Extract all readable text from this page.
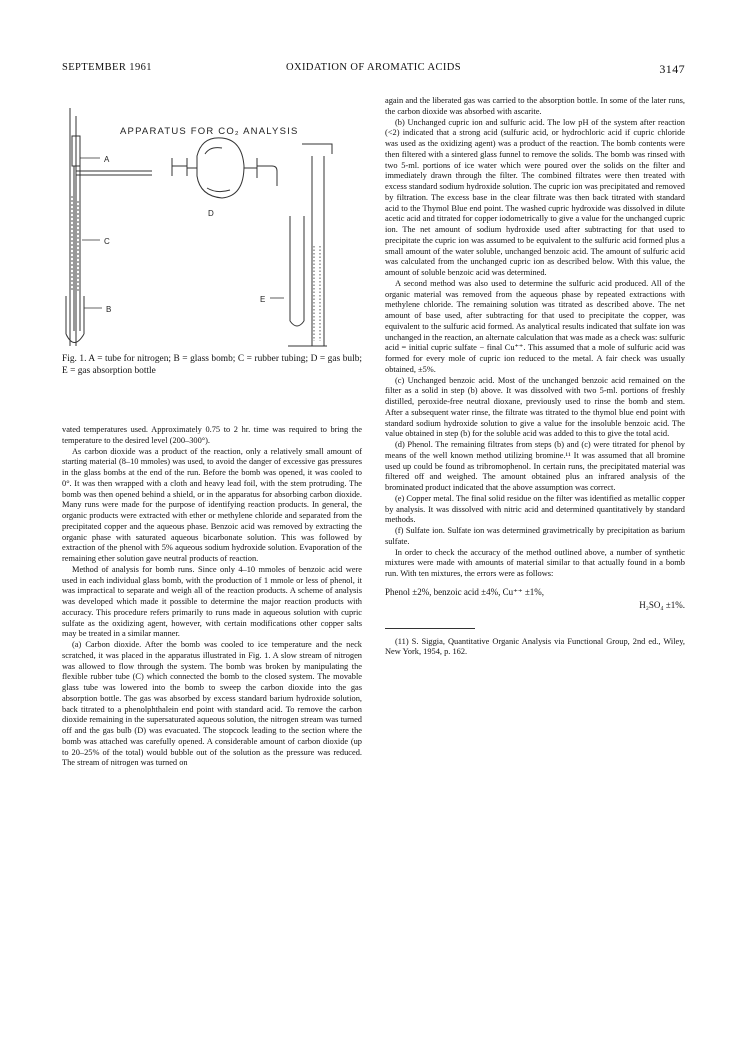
SEPTEMBER 1961	OXIDATION OF AROMATIC ACIDS	3147
APPARATUS FOR CO₂ ANALYSIS
A
C
B
D
E

Fig. 1. A = tube for nitrogen; B = glass bomb; C = rubber tubing; D = gas bulb; E = gas absorption bottle

vated temperatures used. Approximately 0.75 to 2 hr. time was required to bring the temperature to the desired level (200–300°).

As carbon dioxide was a product of the reaction, only a relatively small amount of starting material (8–10 mmoles) was used, to avoid the danger of excessive gas pressures in the glass bombs at the end of the run. Before the bomb was opened, it was cooled to 0°. It was then wrapped with a cloth and heavy lead foil, with the stem protruding. The bomb was then opened behind a shield, or in the apparatus for absorbing carbon dioxide. Many runs were made for the purpose of identifying reaction products. In general, the organic products were extracted with ether or methylene chloride and separated from the precipitated copper and the aqueous phase. Benzoic acid was removed by extracting the organic phase with saturated aqueous bicarbonate solution. This was followed by extraction of the phenol with 5% aqueous sodium hydroxide solution. Evaporation of the remaining ether solution gave neutral products of reaction.

Method of analysis for bomb runs. Since only 4–10 mmoles of benzoic acid were used in each individual glass bomb, with the production of 1 mmole or less of phenol, it was impractical to separate and weigh all of the reaction products. A scheme of analysis was developed which made it possible to determine the major reaction products with accuracy. This procedure refers primarily to runs made in aqueous solution with cupric sulfate as the oxidizing agent, however, with certain modifications other copper salts may be treated in a similar manner.

(a) Carbon dioxide. After the bomb was cooled to ice temperature and the neck scratched, it was placed in the apparatus illustrated in Fig. 1. A slow stream of nitrogen was allowed to flow through the system. The bomb was broken by manipulating the flexible rubber tube (C) which connected the bomb to the closed system. The movable glass tube was lowered into the bomb to sweep the carbon dioxide into the gas absorption bottle. The gas was absorbed by excess standard barium hydroxide solution, back titrated to a phenolphthalein end point with standard acid. To remove the carbon dioxide remaining in the supersaturated aqueous solution, the nitrogen stream was turned off and the gas bulb (D) was evacuated. The stopcock leading to the section where the bomb was attached was carefully opened. A considerable amount of carbon dioxide (up to 20–25% of the total) would bubble out of the solution as the pressure was reduced. The stream of nitrogen was turned on

again and the liberated gas was carried to the absorption bottle. In some of the later runs, the carbon dioxide was absorbed with ascarite.

(b) Unchanged cupric ion and sulfuric acid. The low pH of the system after reaction (<2) indicated that a strong acid (sulfuric acid, or hydrochloric acid if cupric chloride was used as the oxidizing agent) was a product of the reaction. The bomb contents were then filtered with a sintered glass funnel to remove the solids. The bomb was rinsed with two 5-ml. portions of ice water which were poured over the solids on the filter and immediately drawn through the filter. The combined filtrates were then treated with excess standard sodium hydroxide solution. The cupric ion was precipitated and removed by filtration. The excess base in the clear filtrate was then back titrated with standard acid to the Thymol Blue end point. The washed cupric hydroxide was dissolved in dilute acetic acid and titrated for copper iodometrically to give a value for the unchanged cupric ion. The net amount of sodium hydroxide used after subtracting for that used to precipitate the cupric ion was assumed to be equivalent to the sulfuric acid formed plus a small amount of the water soluble, unchanged benzoic acid. The amount of sulfuric acid was calculated from the unchanged cupric ion as described below. With this value, the amount of soluble benzoic acid was determined.

A second method was also used to determine the sulfuric acid produced. All of the organic material was removed from the aqueous phase by repeated extractions with methylene chloride. The remaining solution was titrated as described above. The net amount of base used, after subtracting for that used to precipitate the copper, was equivalent to the sulfuric acid formed. As analytical results indicated that sulfate ion was unchanged in the reaction, an alternate calculation that was made as a check was: sulfuric acid = initial cupric sulfate − final Cu⁺⁺. This assumed that a mole of sulfuric acid was formed for every mole of cupric ion reduced to the metal. A fair check was usually obtained, ±5%.

(c) Unchanged benzoic acid. Most of the unchanged benzoic acid remained on the filter as a solid in step (b) above. It was dissolved with two 5-ml. portions of freshly distilled, peroxide-free neutral dioxane, previously used to rinse the bomb and stem. After a subsequent water rinse, the filtrate was titrated to the thymol blue end point with standard sodium hydroxide solution to give a value for the insoluble benzoic acid. The value obtained in step (b) for the soluble acid was added to this to give the total acid.

(d) Phenol. The remaining filtrates from steps (b) and (c) were titrated for phenol by means of the well known method utilizing bromine.¹¹ It was assumed that all bromine used up could be found as tribromophenol. In certain runs, the precipitated material was filtered off and weighed. The amount obtained plus an infrared analysis of the brominated product indicated that the above assumption was correct.

(e) Copper metal. The final solid residue on the filter was identified as metallic copper by analysis. It was dissolved with nitric acid and determined quantitatively by standard methods.

(f) Sulfate ion. Sulfate ion was determined gravimetrically by precipitation as barium sulfate.

In order to check the accuracy of the method outlined above, a number of synthetic mixtures were made with amounts of material similar to that actually found in a bomb run. With ten mixtures, the errors were as follows:

Phenol ±2%, benzoic acid ±4%, Cu⁺⁺ ±1%,
H₂SO₄ ±1%.

(11) S. Siggia, Quantitative Organic Analysis via Functional Group, 2nd ed., Wiley, New York, 1954, p. 162.
